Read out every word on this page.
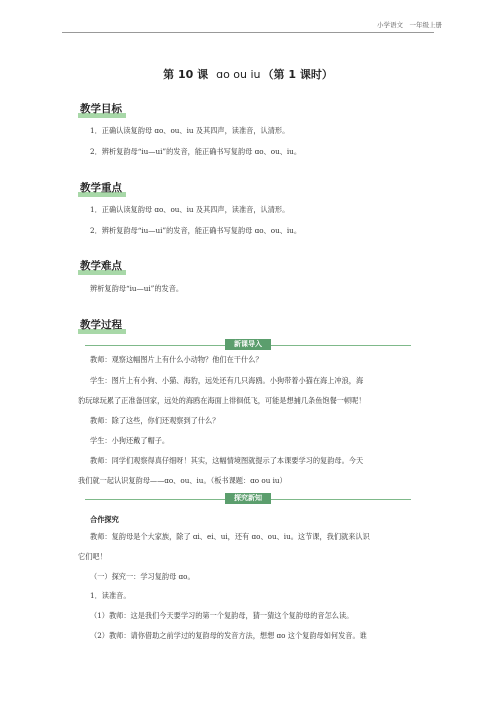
小学语文　一年级上册
第 10 课 ɑo ou iu （第 1 课时）
教学目标
1．正确认读复韵母 ɑo、ou、iu 及其四声，读准音，认清形。
2．辨析复韵母“iu—ui”的发音，能正确书写复韵母 ɑo、ou、iu。
教学重点
1．正确认读复韵母 ɑo、ou、iu 及其四声，读准音，认清形。
2．辨析复韵母“iu—ui”的发音，能正确书写复韵母 ɑo、ou、iu。
教学难点
辨析复韵母“iu—ui”的发音。
教学过程
新课导入
教师：观察这幅图片上有什么小动物？他们在干什么？
学生：图片上有小狗、小猫、海豹，远处还有几只海鸥。小狗带着小猫在海上冲浪，海
豹玩球玩累了正准备回家，远处的海鸥在海面上徘徊低飞，可能是想捕几条鱼饱餐一顿呢！
教师：除了这些，你们还观察到了什么？
学生：小狗还戴了帽子。
教师：同学们观察得真仔细呀！其实，这幅情境图就提示了本课要学习的复韵母。今天
我们就一起认识复韵母——ɑo、ou、iu。（板书课题：ɑo ou iu）
探究新知
合作探究
教师：复韵母是个大家族，除了 ɑi、ei、ui，还有 ɑo、ou、iu。这节课，我们就来认识
它们吧！
（一）探究一：学习复韵母 ɑo。
1．读准音。
（1）教师：这是我们今天要学习的第一个复韵母，猜一猜这个复韵母的音怎么读。
（2）教师：请你借助之前学过的复韵母的发音方法，想想 ɑo 这个复韵母如何发音。谁
